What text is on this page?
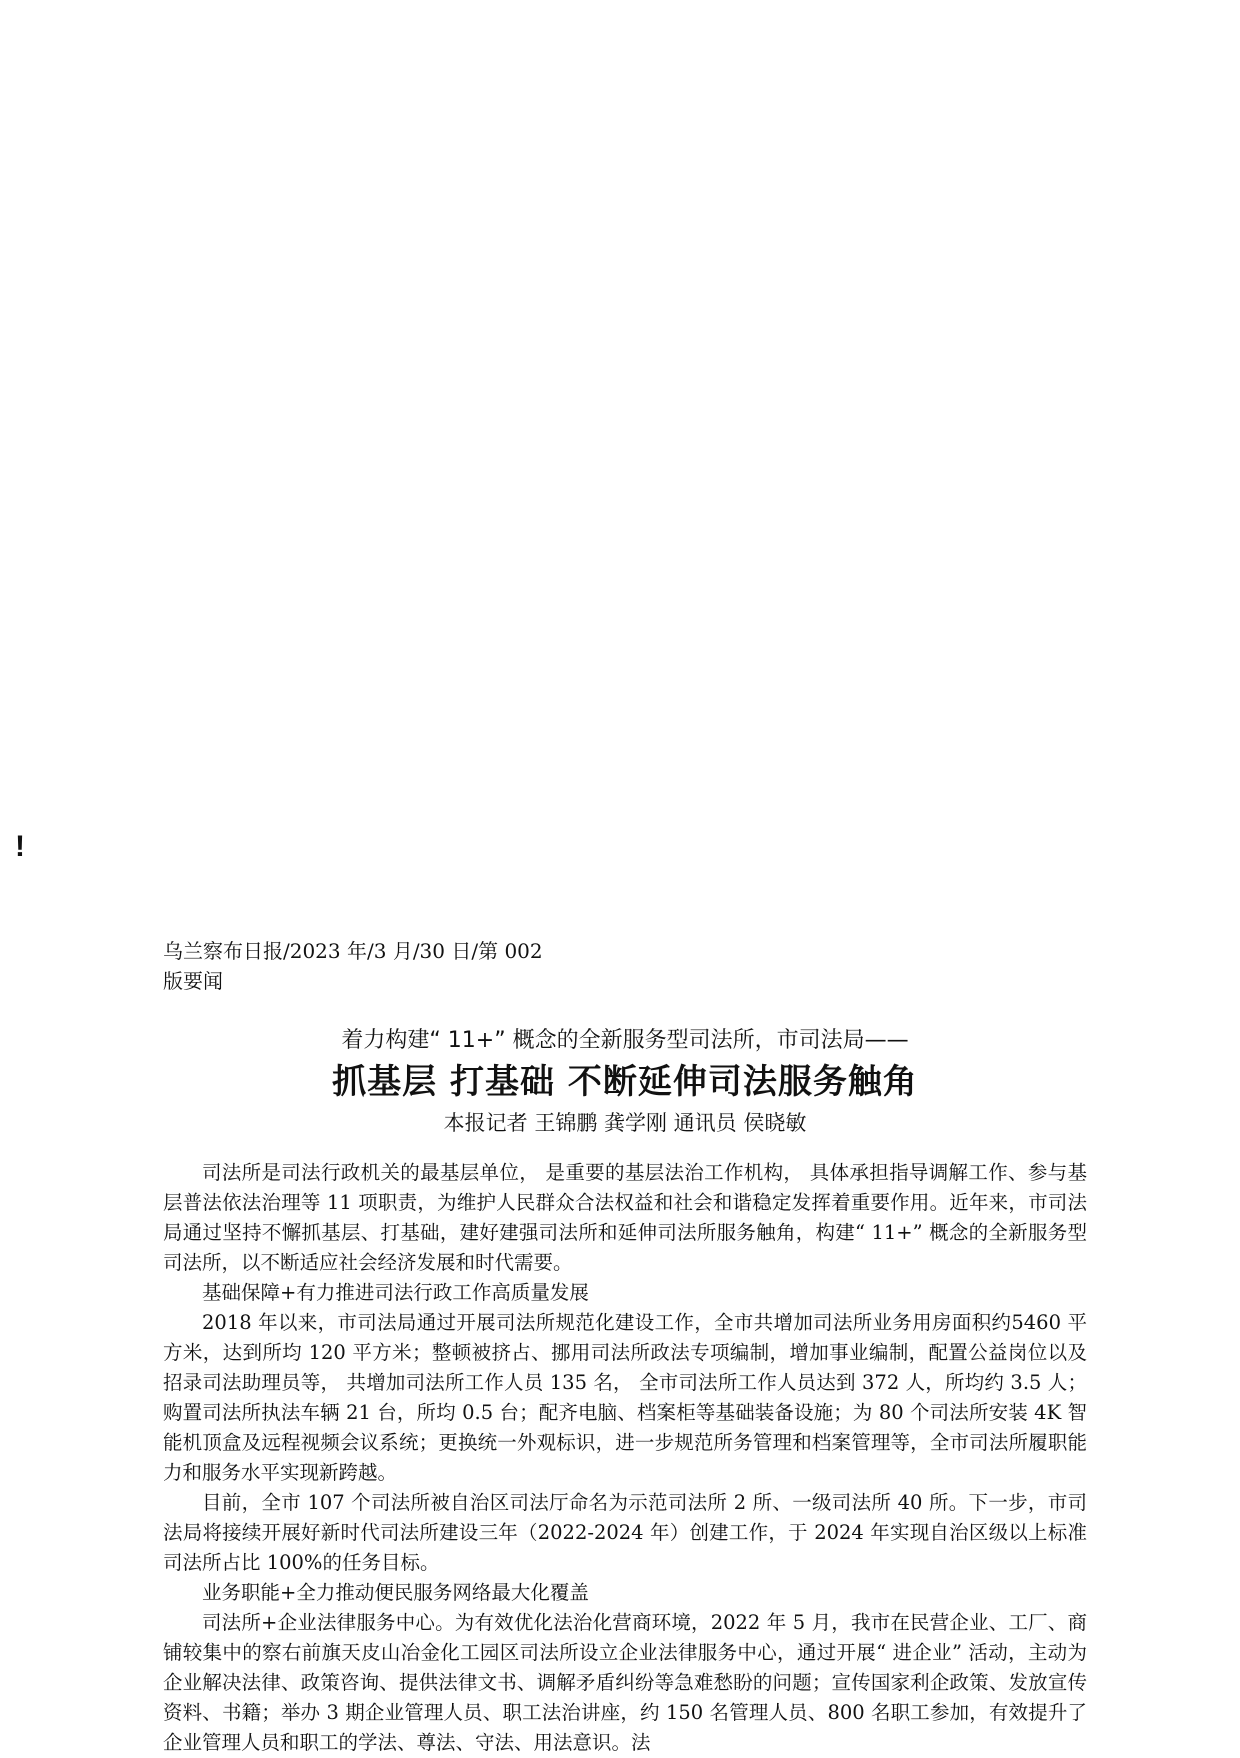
!
乌兰察布日报/2023 年/3 月/30 日/第 002
版要闻
着力构建“ 11+” 概念的全新服务型司法所，市司法局——
抓基层 打基础 不断延伸司法服务触角
本报记者 王锦鹏 龚学刚 通讯员 侯晓敏

司法所是司法行政机关的最基层单位， 是重要的基层法治工作机构， 具体承担指导调解工作、参与基层普法依法治理等 11 项职责，为维护人民群众合法权益和社会和谐稳定发挥着重要作用。近年来，市司法局通过坚持不懈抓基层、打基础，建好建强司法所和延伸司法所服务触角，构建“ 11+” 概念的全新服务型司法所，以不断适应社会经济发展和时代需要。

基础保障+有力推进司法行政工作高质量发展

2018 年以来，市司法局通过开展司法所规范化建设工作，全市共增加司法所业务用房面积约5460 平方米，达到所均 120 平方米；整顿被挤占、挪用司法所政法专项编制，增加事业编制，配置公益岗位以及招录司法助理员等， 共增加司法所工作人员 135 名， 全市司法所工作人员达到 372 人，所均约 3.5 人；购置司法所执法车辆 21 台，所均 0.5 台；配齐电脑、档案柜等基础装备设施；为 80 个司法所安装 4K 智能机顶盒及远程视频会议系统；更换统一外观标识，进一步规范所务管理和档案管理等，全市司法所履职能力和服务水平实现新跨越。

目前，全市 107 个司法所被自治区司法厅命名为示范司法所 2 所、一级司法所 40 所。下一步，市司法局将接续开展好新时代司法所建设三年（2022-2024 年）创建工作，于 2024 年实现自治区级以上标准司法所占比 100%的任务目标。

业务职能+全力推动便民服务网络最大化覆盖

司法所+企业法律服务中心。为有效优化法治化营商环境，2022 年 5 月，我市在民营企业、工厂、商铺较集中的察右前旗天皮山冶金化工园区司法所设立企业法律服务中心，通过开展“ 进企业” 活动，主动为企业解决法律、政策咨询、提供法律文书、调解矛盾纠纷等急难愁盼的问题；宣传国家利企政策、发放宣传资料、书籍；举办 3 期企业管理人员、职工法治讲座，约 150 名管理人员、800 名职工参加，有效提升了企业管理人员和职工的学法、尊法、守法、用法意识。法
